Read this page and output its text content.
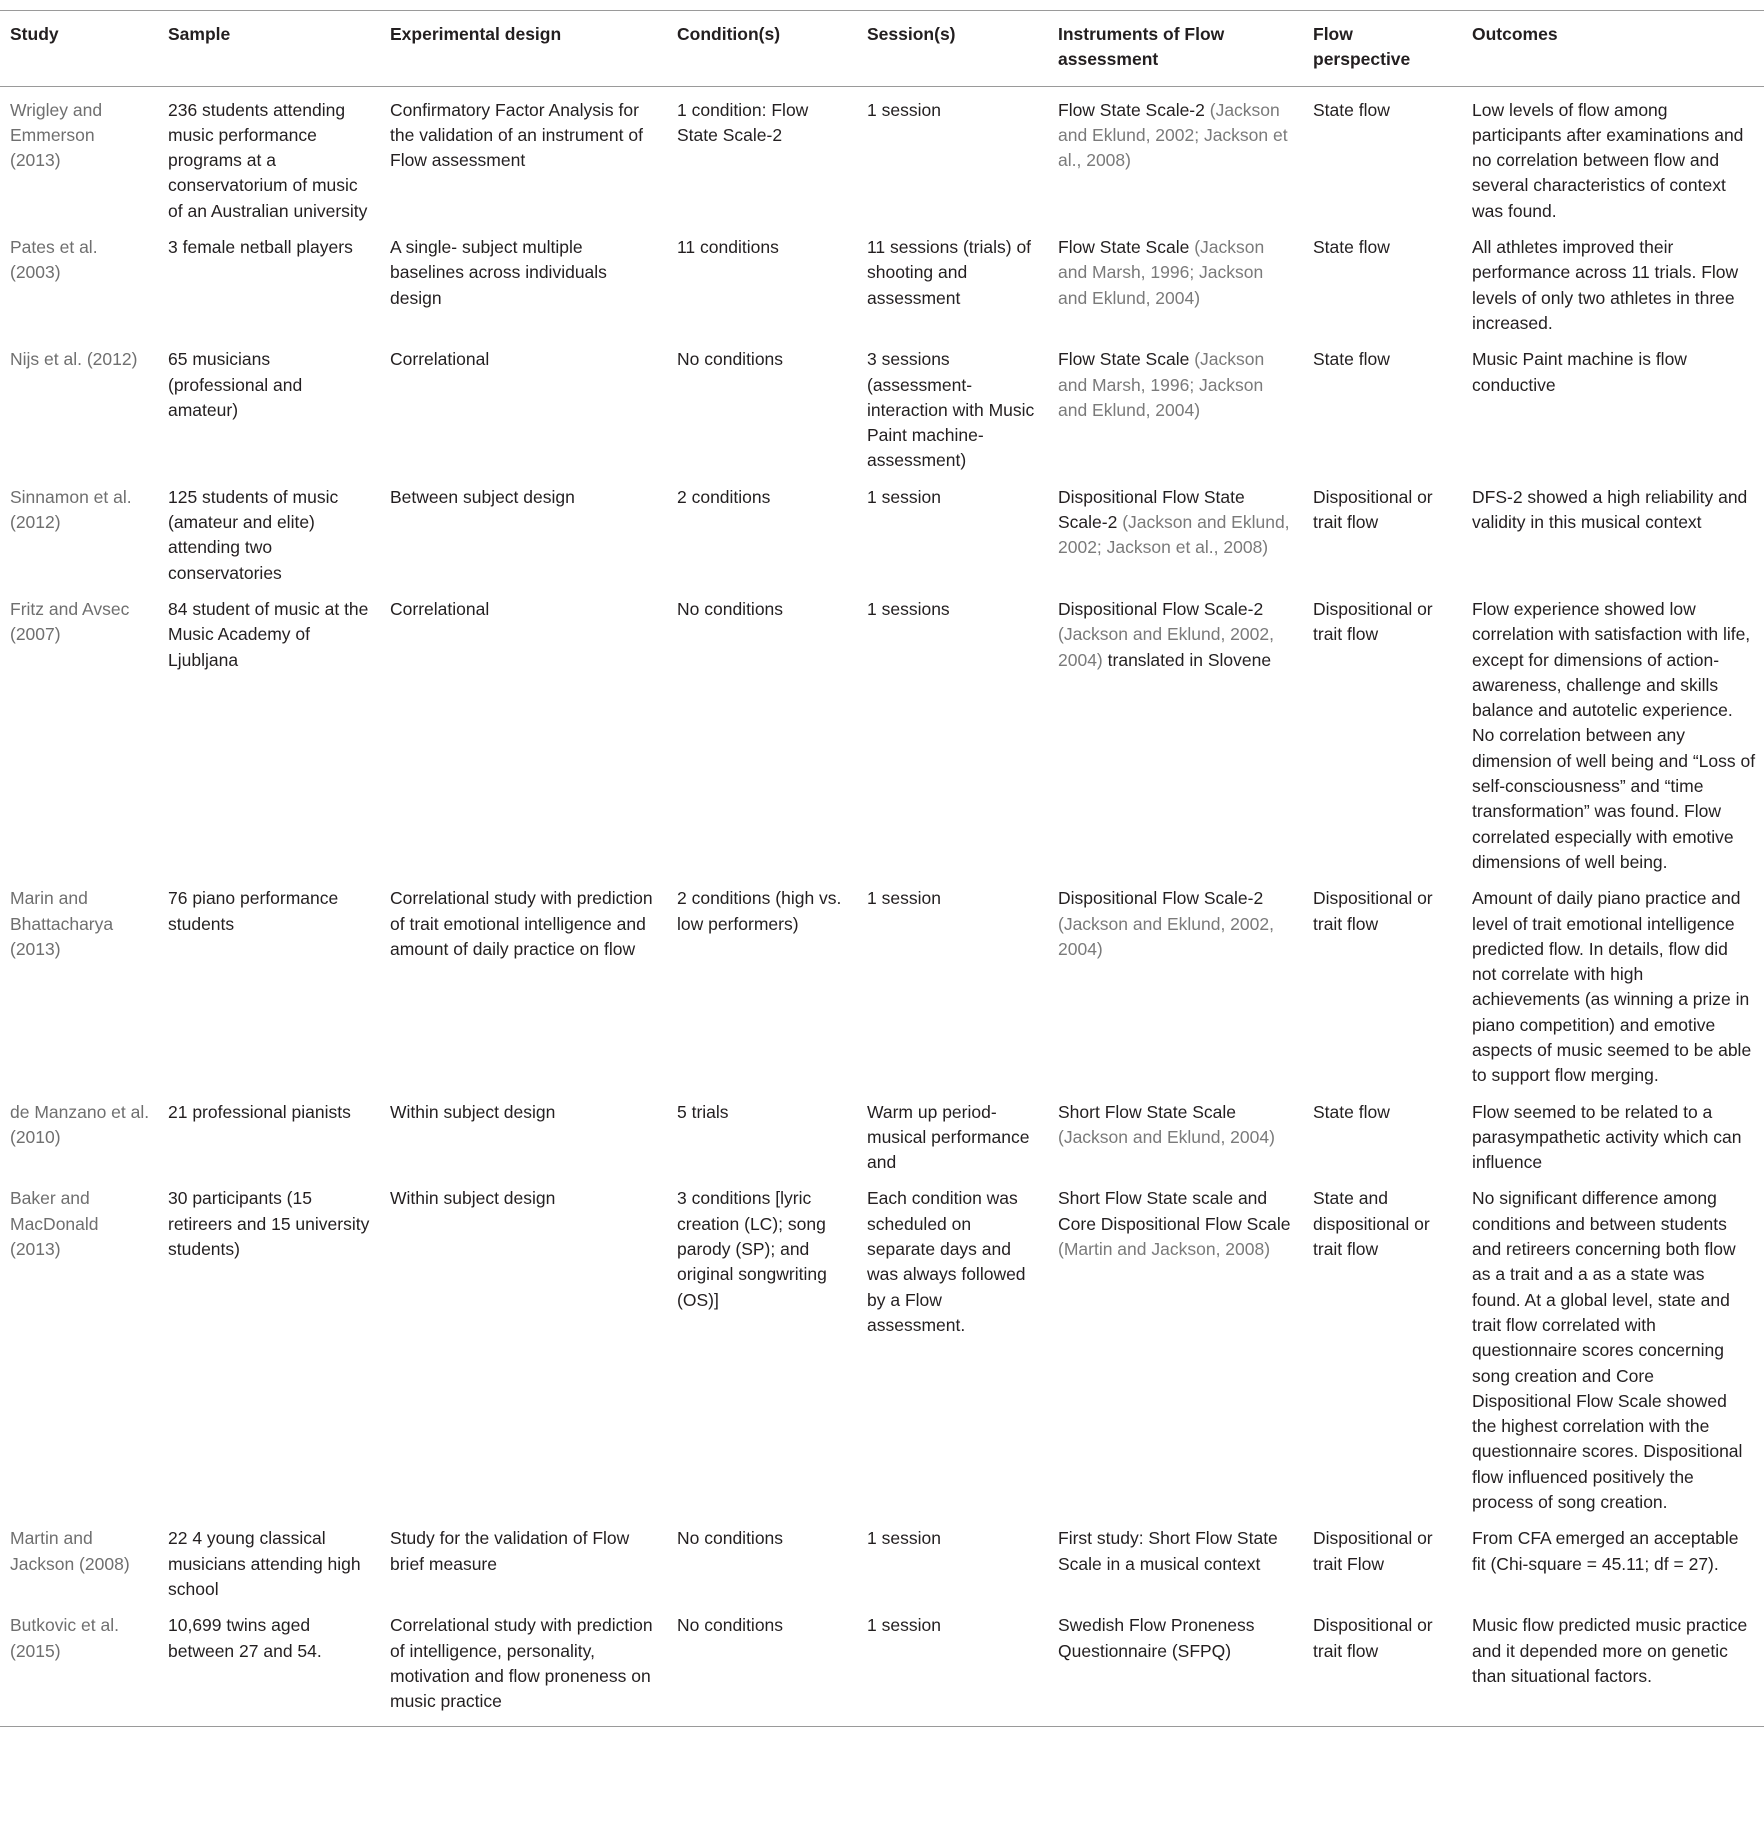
Study	Sample	Experimental design	Condition(s)	Session(s)	Instruments of Flow assessment	Flow perspective	Outcomes
Wrigley and Emmerson (2013)	236 students attending music performance programs at a conservatorium of music of an Australian university	Confirmatory Factor Analysis for the validation of an instrument of Flow assessment	1 condition: Flow State Scale-2	1 session	Flow State Scale-2 (Jackson and Eklund, 2002; Jackson et al., 2008)	State flow	Low levels of flow among participants after examinations and no correlation between flow and several characteristics of context was found.
Pates et al. (2003)	3 female netball players	A single- subject multiple baselines across individuals design	11 conditions	11 sessions (trials) of shooting and assessment	Flow State Scale (Jackson and Marsh, 1996; Jackson and Eklund, 2004)	State flow	All athletes improved their performance across 11 trials. Flow levels of only two athletes in three increased.
Nijs et al. (2012)	65 musicians (professional and amateur)	Correlational	No conditions	3 sessions (assessment-interaction with Music Paint machine-assessment)	Flow State Scale (Jackson and Marsh, 1996; Jackson and Eklund, 2004)	State flow	Music Paint machine is flow conductive
Sinnamon et al. (2012)	125 students of music (amateur and elite) attending two conservatories	Between subject design	2 conditions	1 session	Dispositional Flow State Scale-2 (Jackson and Eklund, 2002; Jackson et al., 2008)	Dispositional or trait flow	DFS-2 showed a high reliability and validity in this musical context
Fritz and Avsec (2007)	84 student of music at the Music Academy of Ljubljana	Correlational	No conditions	1 sessions	Dispositional Flow Scale-2 (Jackson and Eklund, 2002, 2004) translated in Slovene	Dispositional or trait flow	Flow experience showed low correlation with satisfaction with life, except for dimensions of action-awareness, challenge and skills balance and autotelic experience. No correlation between any dimension of well being and “Loss of self-consciousness” and “time transformation” was found. Flow correlated especially with emotive dimensions of well being.
Marin and Bhattacharya (2013)	76 piano performance students	Correlational study with prediction of trait emotional intelligence and amount of daily practice on flow	2 conditions (high vs. low performers)	1 session	Dispositional Flow Scale-2 (Jackson and Eklund, 2002, 2004)	Dispositional or trait flow	Amount of daily piano practice and level of trait emotional intelligence predicted flow. In details, flow did not correlate with high achievements (as winning a prize in piano competition) and emotive aspects of music seemed to be able to support flow merging.
de Manzano et al. (2010)	21 professional pianists	Within subject design	5 trials	Warm up period-musical performance and	Short Flow State Scale (Jackson and Eklund, 2004)	State flow	Flow seemed to be related to a parasympathetic activity which can influence
Baker and MacDonald (2013)	30 participants (15 retireers and 15 university students)	Within subject design	3 conditions [lyric creation (LC); song parody (SP); and original songwriting (OS)]	Each condition was scheduled on separate days and was always followed by a Flow assessment.	Short Flow State scale and Core Dispositional Flow Scale (Martin and Jackson, 2008)	State and dispositional or trait flow	No significant difference among conditions and between students and retireers concerning both flow as a trait and a as a state was found. At a global level, state and trait flow correlated with questionnaire scores concerning song creation and Core Dispositional Flow Scale showed the highest correlation with the questionnaire scores. Dispositional flow influenced positively the process of song creation.
Martin and Jackson (2008)	22 4 young classical musicians attending high school	Study for the validation of Flow brief measure	No conditions	1 session	First study: Short Flow State Scale in a musical context	Dispositional or trait Flow	From CFA emerged an acceptable fit (Chi-square = 45.11; df = 27).
Butkovic et al. (2015)	10,699 twins aged between 27 and 54.	Correlational study with prediction of intelligence, personality, motivation and flow proneness on music practice	No conditions	1 session	Swedish Flow Proneness Questionnaire (SFPQ)	Dispositional or trait flow	Music flow predicted music practice and it depended more on genetic than situational factors.
